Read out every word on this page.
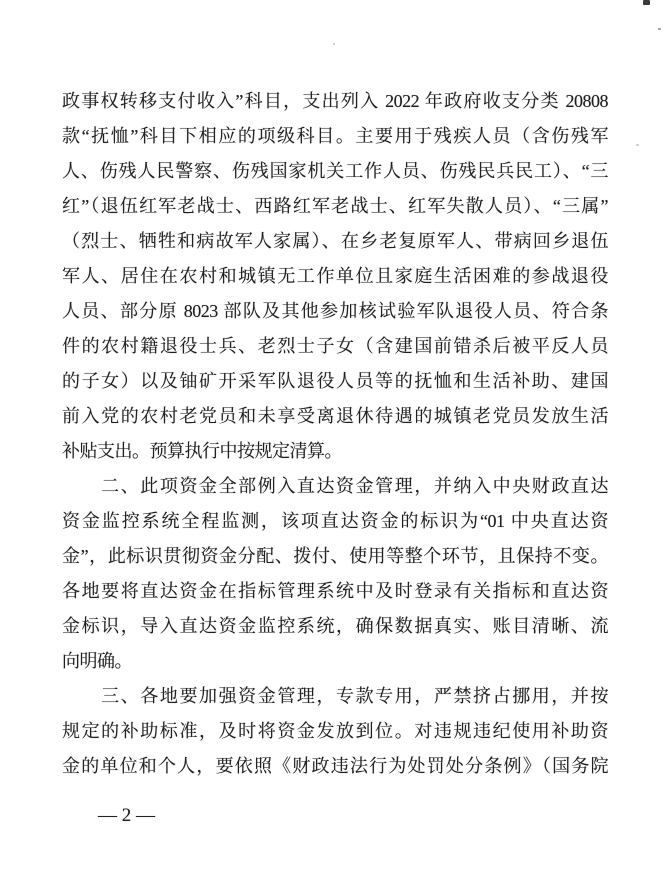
政事权转移支付收入”科目，支出列入 2022 年政府收支分类 20808
款“抚恤”科目下相应的项级科目。主要用于残疾人员（含伤残军
人、伤残人民警察、伤残国家机关工作人员、伤残民兵民工）、“三
红”（退伍红军老战士、西路红军老战士、红军失散人员）、“三属”
（烈士、牺牲和病故军人家属）、在乡老复原军人、带病回乡退伍
军人、居住在农村和城镇无工作单位且家庭生活困难的参战退役
人员、部分原 8023 部队及其他参加核试验军队退役人员、符合条
件的农村籍退役士兵、老烈士子女（含建国前错杀后被平反人员
的子女）以及铀矿开采军队退役人员等的抚恤和生活补助、建国
前入党的农村老党员和未享受离退休待遇的城镇老党员发放生活
补贴支出。预算执行中按规定清算。
　　二、此项资金全部例入直达资金管理，并纳入中央财政直达
资金监控系统全程监测，该项直达资金的标识为“01 中央直达资
金”，此标识贯彻资金分配、拨付、使用等整个环节，且保持不变。
各地要将直达资金在指标管理系统中及时登录有关指标和直达资
金标识，导入直达资金监控系统，确保数据真实、账目清晰、流
向明确。
　　三、各地要加强资金管理，专款专用，严禁挤占挪用，并按
规定的补助标准，及时将资金发放到位。对违规违纪使用补助资
金的单位和个人，要依照《财政违法行为处罚处分条例》（国务院
— 2 —
